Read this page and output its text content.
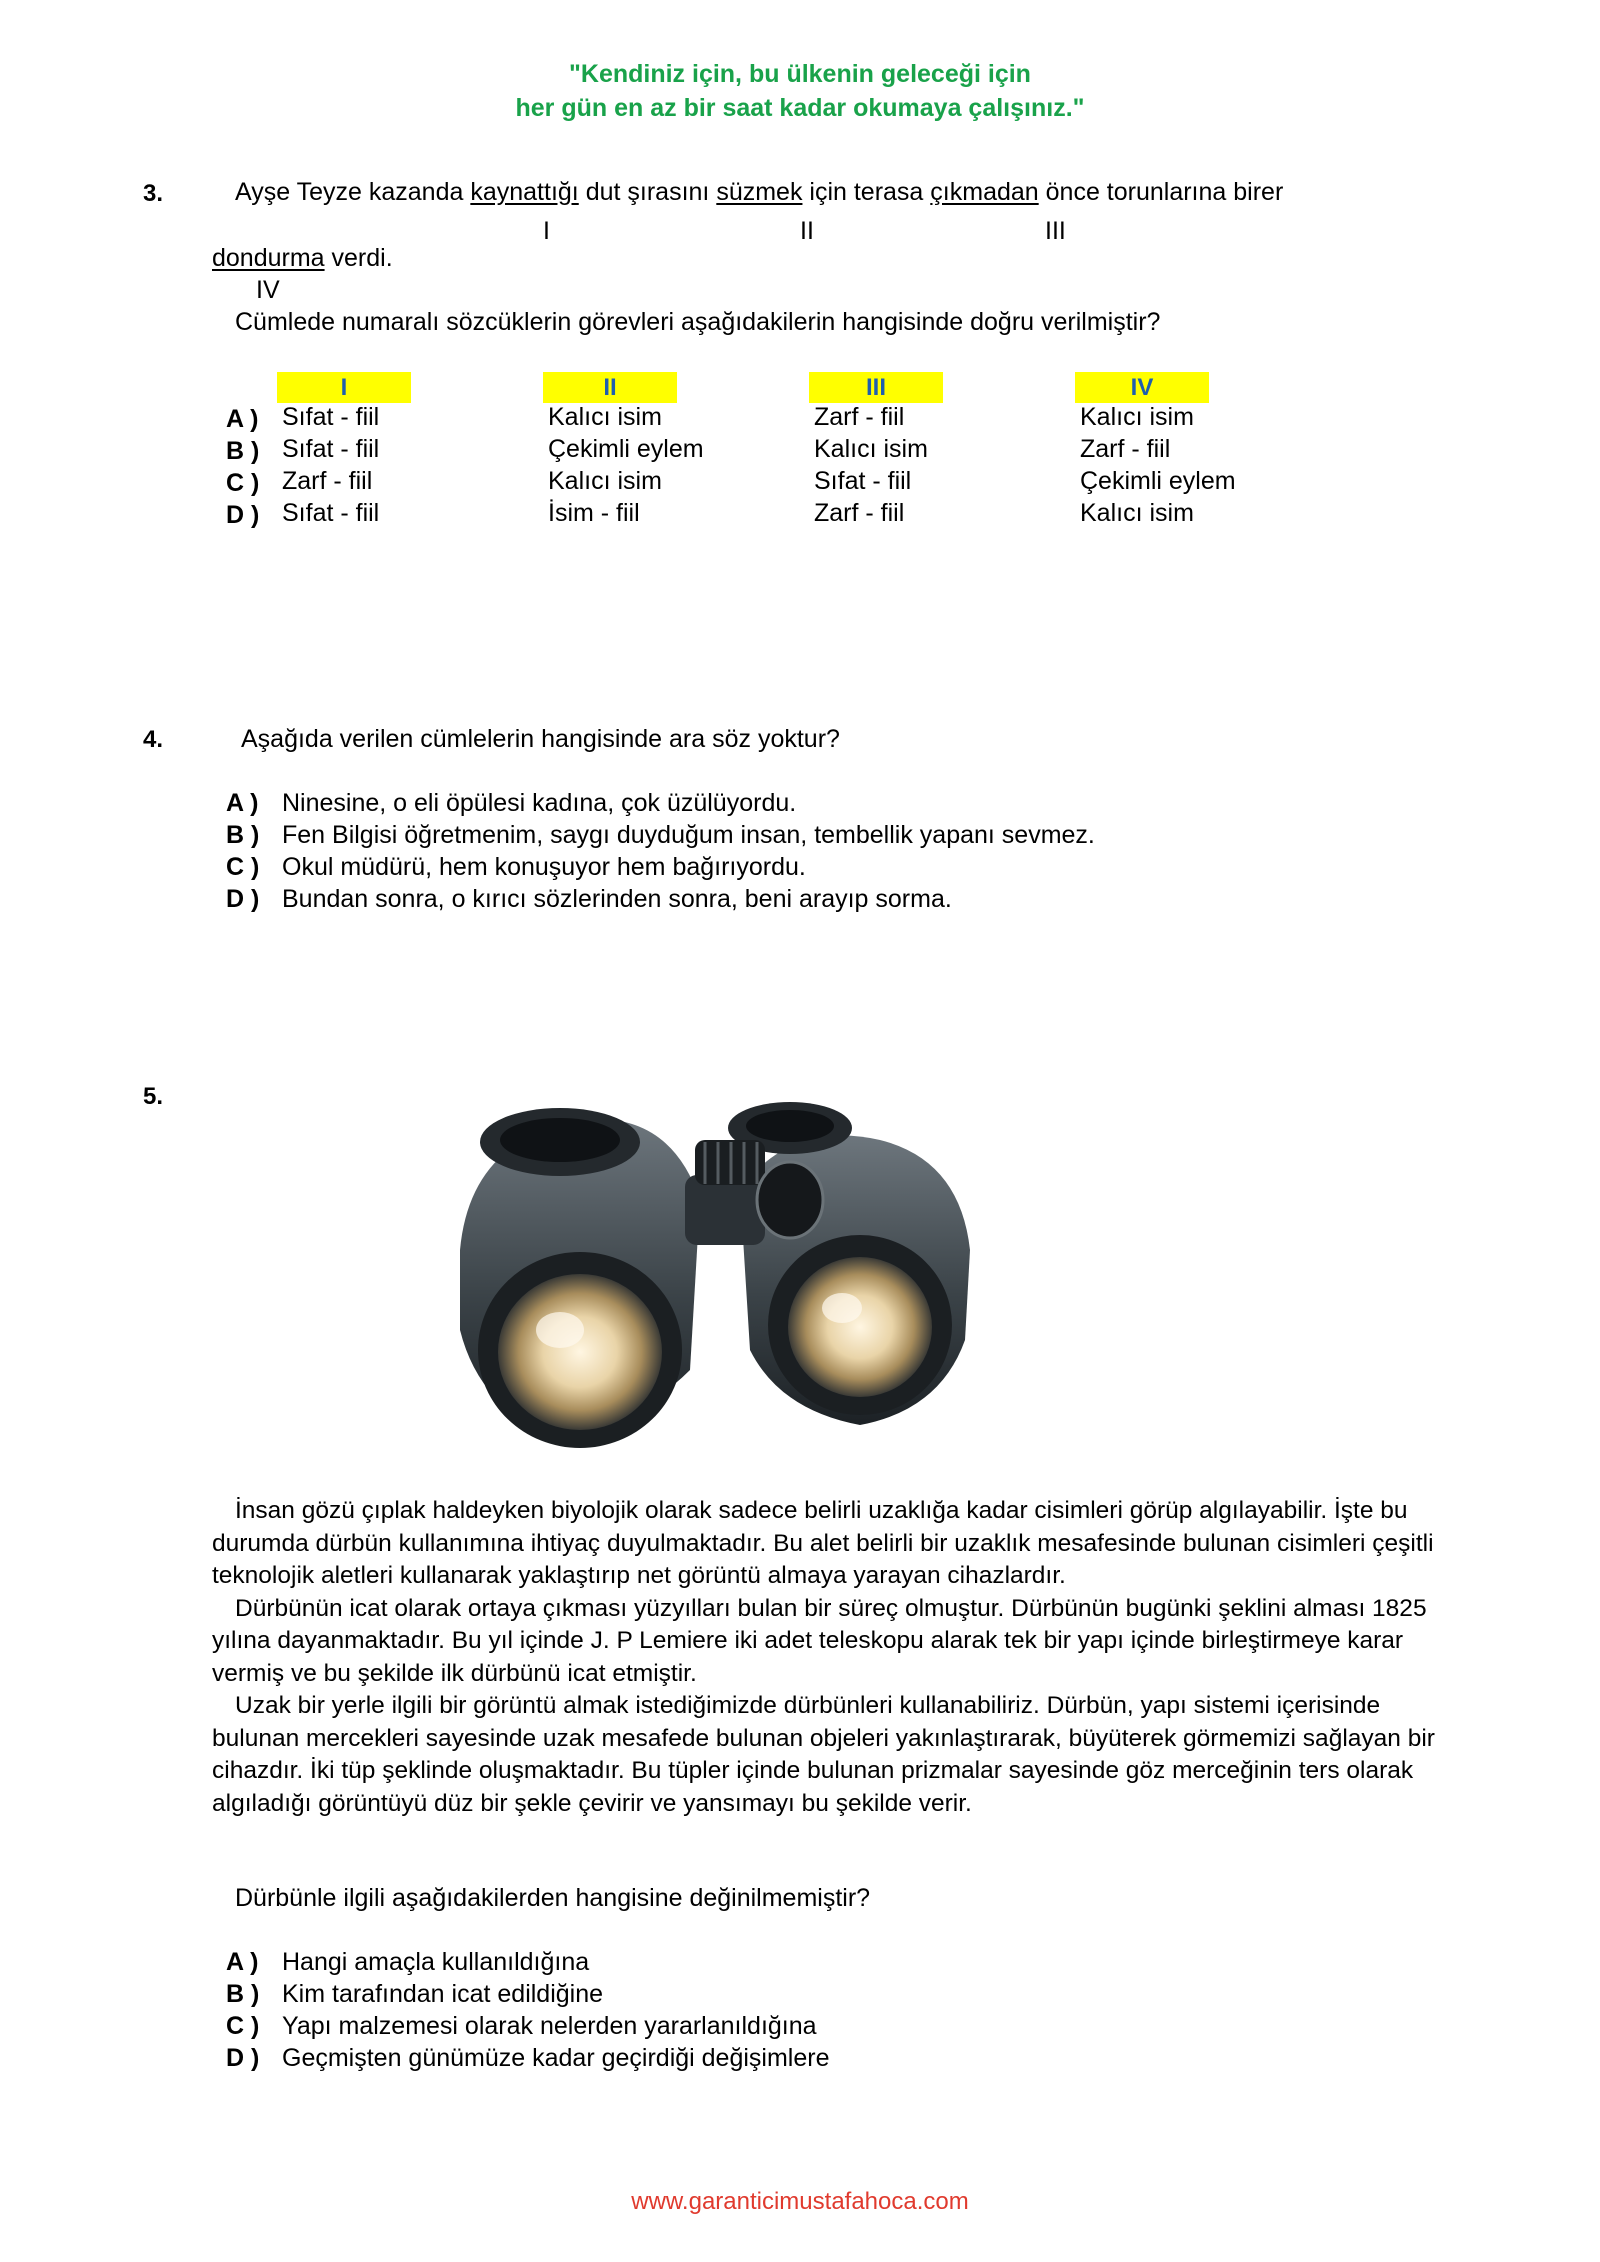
"Kendiniz için, bu ülkenin geleceği için
her gün en az bir saat kadar okumaya çalışınız."
3.	Ayşe Teyze kazanda kaynattığı dut şırasını süzmek için terasa çıkmadan önce torunlarına birer
I	II	III
dondurma verdi.
IV
Cümlede numaralı sözcüklerin görevleri aşağıdakilerin hangisinde doğru verilmiştir?
I	II	III	IV
A ) Sıfat - fiil	Kalıcı isim	Zarf - fiil	Kalıcı isim
B ) Sıfat - fiil	Çekimli eylem	Kalıcı isim	Zarf - fiil
C ) Zarf - fiil	Kalıcı isim	Sıfat - fiil	Çekimli eylem
D ) Sıfat - fiil	İsim - fiil	Zarf - fiil	Kalıcı isim
4.	Aşağıda verilen cümlelerin hangisinde ara söz yoktur?
A ) Ninesine, o eli öpülesi kadına, çok üzülüyordu.
B ) Fen Bilgisi öğretmenim, saygı duyduğum insan, tembellik yapanı sevmez.
C ) Okul müdürü, hem konuşuyor hem bağırıyordu.
D ) Bundan sonra, o kırıcı sözlerinden sonra, beni arayıp sorma.
5.

İnsan gözü çıplak haldeyken biyolojik olarak sadece belirli uzaklığa kadar cisimleri görüp algılayabilir. İşte bu durumda dürbün kullanımına ihtiyaç duyulmaktadır. Bu alet belirli bir uzaklık mesafesinde bulunan cisimleri çeşitli teknolojik aletleri kullanarak yaklaştırıp net görüntü almaya yarayan cihazlardır.

Dürbünün icat olarak ortaya çıkması yüzyılları bulan bir süreç olmuştur. Dürbünün bugünki şeklini alması 1825 yılına dayanmaktadır. Bu yıl içinde J. P Lemiere iki adet teleskopu alarak tek bir yapı içinde birleştirmeye karar vermiş ve bu şekilde ilk dürbünü icat etmiştir.

Uzak bir yerle ilgili bir görüntü almak istediğimizde dürbünleri kullanabiliriz. Dürbün, yapı sistemi içerisinde bulunan mercekleri sayesinde uzak mesafede bulunan objeleri yakınlaştırarak, büyüterek görmemizi sağlayan bir cihazdır. İki tüp şeklinde oluşmaktadır. Bu tüpler içinde bulunan prizmalar sayesinde göz merceğinin ters olarak algıladığı görüntüyü düz bir şekle çevirir ve yansımayı bu şekilde verir.

Dürbünle ilgili aşağıdakilerden hangisine değinilmemiştir?
A ) Hangi amaçla kullanıldığına
B ) Kim tarafından icat edildiğine
C ) Yapı malzemesi olarak nelerden yararlanıldığına
D ) Geçmişten günümüze kadar geçirdiği değişimlere
www.garanticimustafahoca.com
